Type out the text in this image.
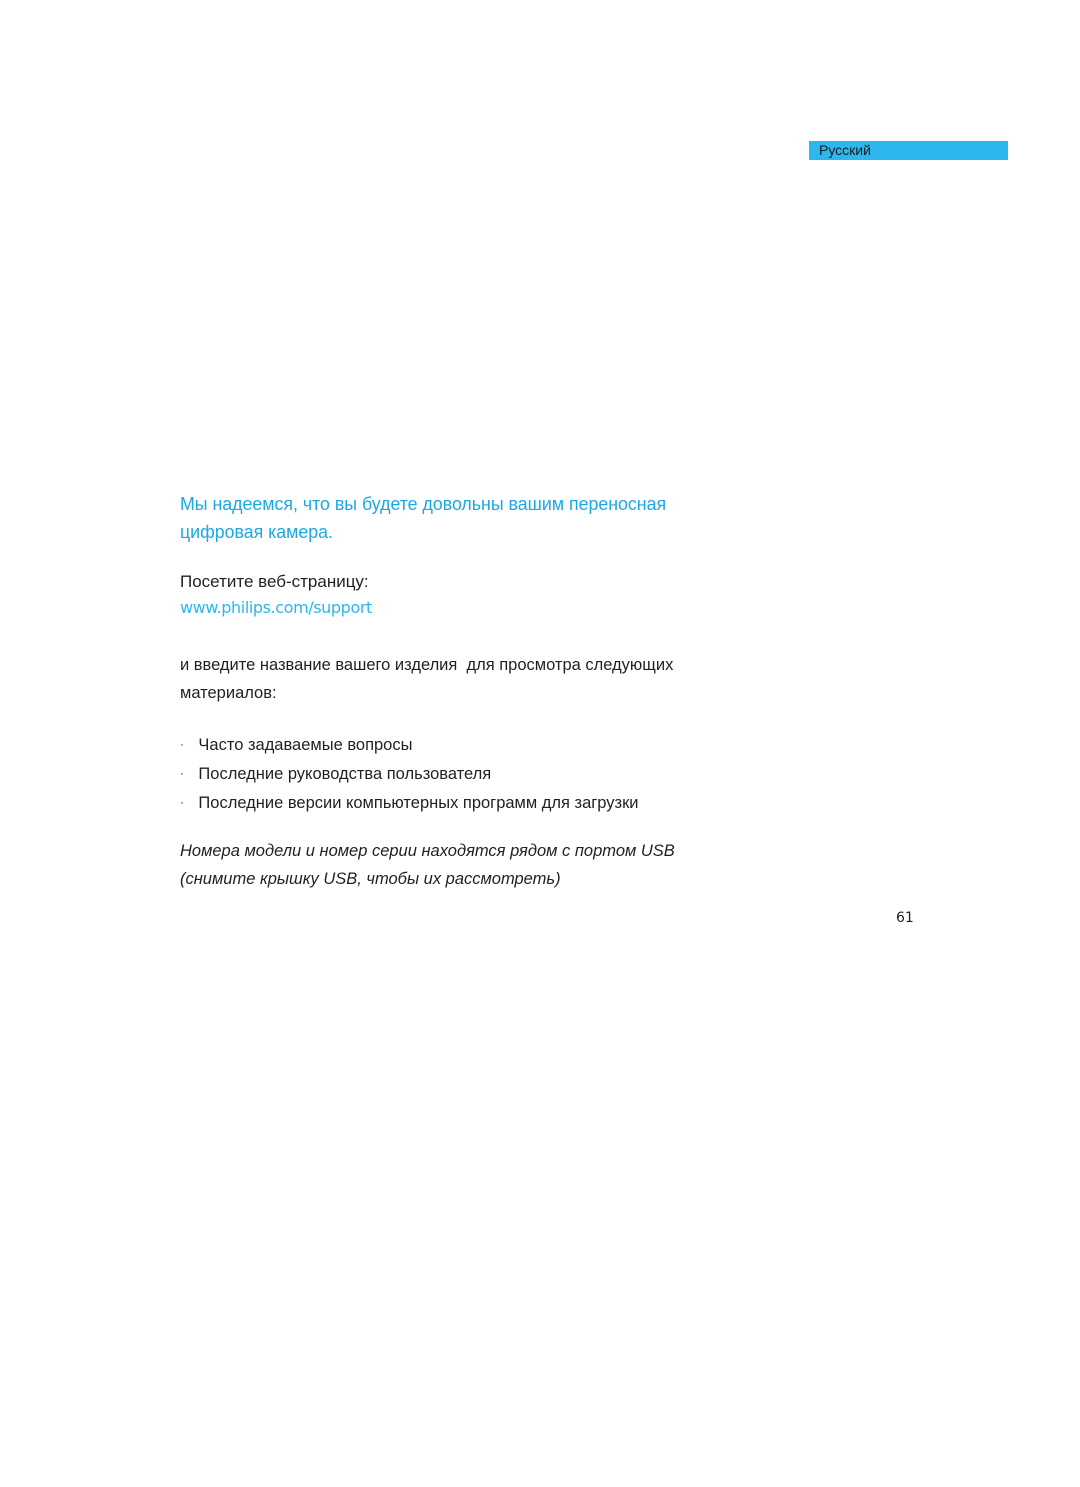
Русский
Мы надеемся, что вы будете довольны вашим переносная
цифровая камера.

Посетите веб-страницу:

www.philips.com/support

и введите название вашего изделия  для просмотра следующих
материалов:

· Часто задаваемые вопросы
· Последние руководства пользователя
· Последние версии компьютерных программ для загрузки

Номера модели и номер серии находятся рядом с портом USB
(снимите крышку USB, чтобы их рассмотреть)

61
